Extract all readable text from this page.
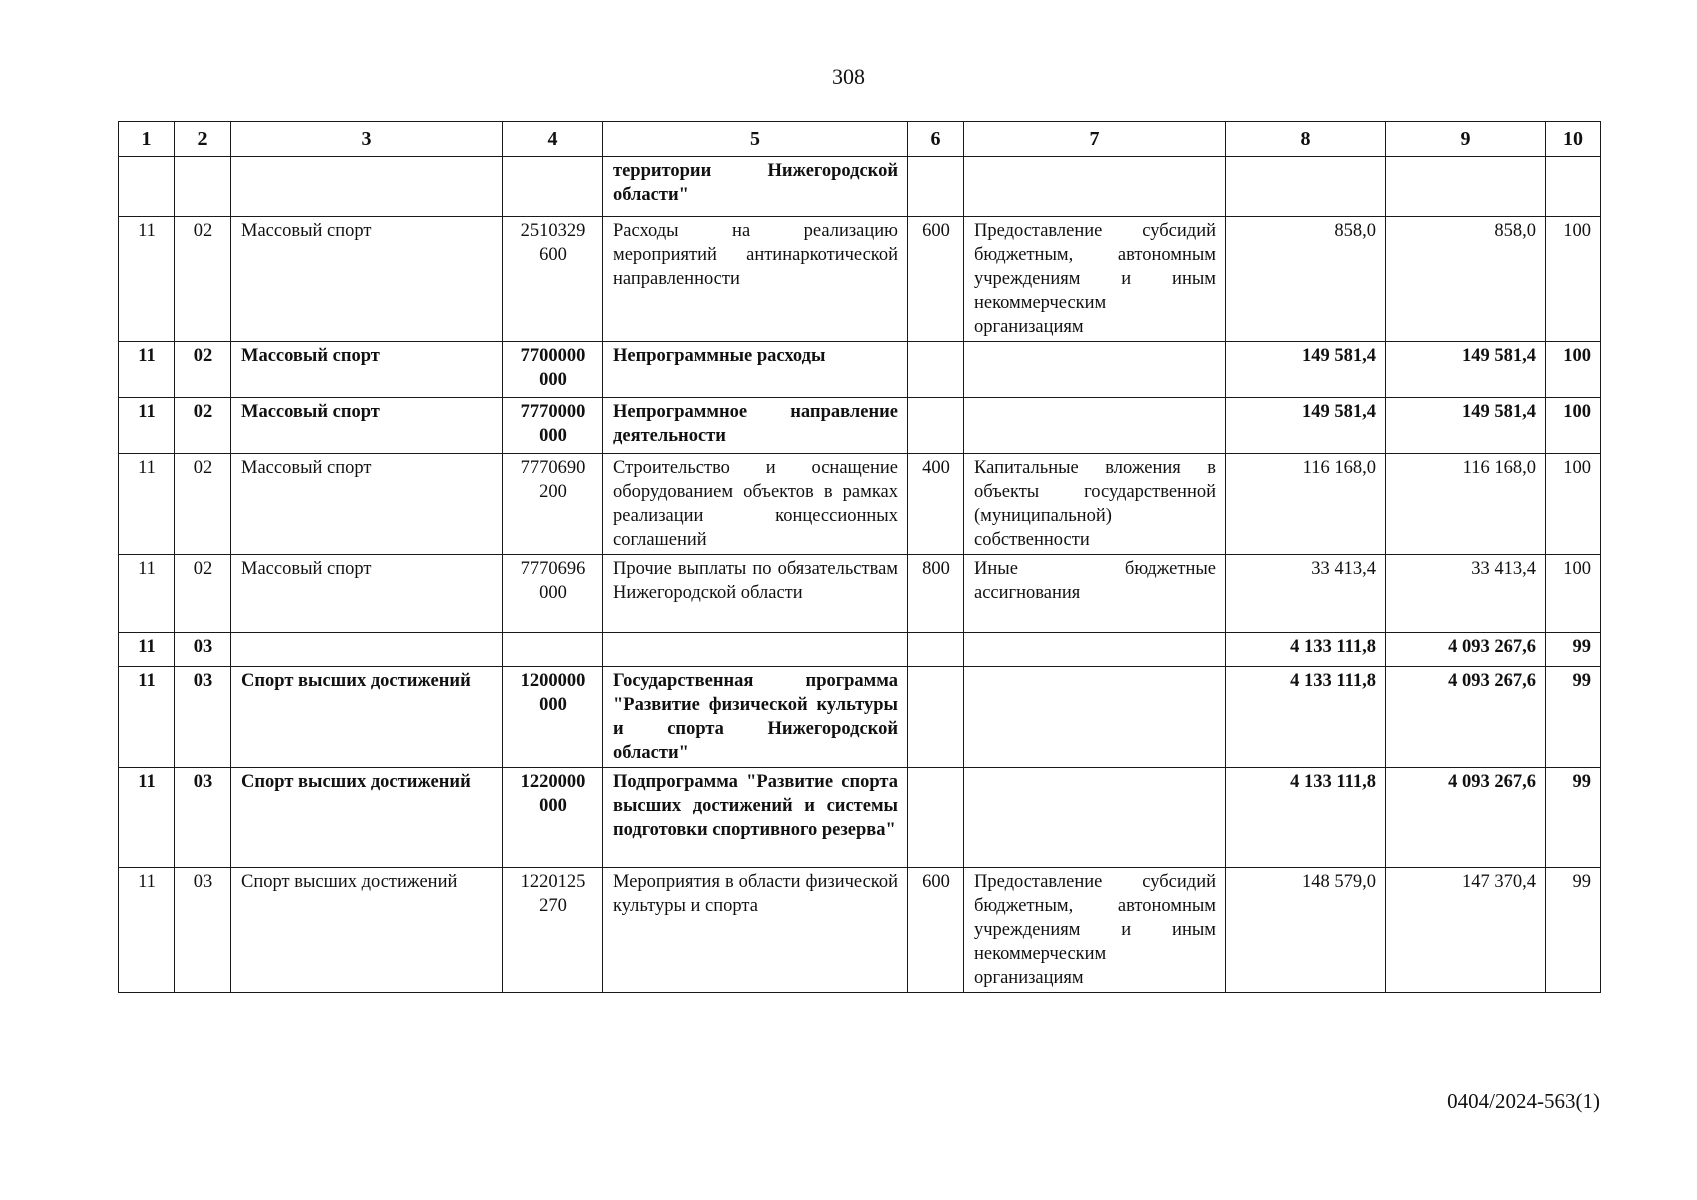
308
1	2	3	4	5	6	7	8	9	10
				территории Нижегородской области"					
11	02	Массовый спорт	2510329 600	Расходы на реализацию мероприятий антинаркотической направленности	600	Предоставление субсидий бюджетным, автономным учреждениям и иным некоммерческим организациям	858,0	858,0	100
11	02	Массовый спорт	7700000 000	Непрограммные расходы			149 581,4	149 581,4	100
11	02	Массовый спорт	7770000 000	Непрограммное направление деятельности			149 581,4	149 581,4	100
11	02	Массовый спорт	7770690 200	Строительство и оснащение оборудованием объектов в рамках реализации концессионных соглашений	400	Капитальные вложения в объекты государственной (муниципальной) собственности	116 168,0	116 168,0	100
11	02	Массовый спорт	7770696 000	Прочие выплаты по обязательствам Нижегородской области	800	Иные бюджетные ассигнования	33 413,4	33 413,4	100
11	03						4 133 111,8	4 093 267,6	99
11	03	Спорт высших достижений	1200000 000	Государственная программа "Развитие физической культуры и спорта Нижегородской области"			4 133 111,8	4 093 267,6	99
11	03	Спорт высших достижений	1220000 000	Подпрограмма "Развитие спорта высших достижений и системы подготовки спортивного резерва"			4 133 111,8	4 093 267,6	99
11	03	Спорт высших достижений	1220125 270	Мероприятия в области физической культуры и спорта	600	Предоставление субсидий бюджетным, автономным учреждениям и иным некоммерческим организациям	148 579,0	147 370,4	99
0404/2024-563(1)
